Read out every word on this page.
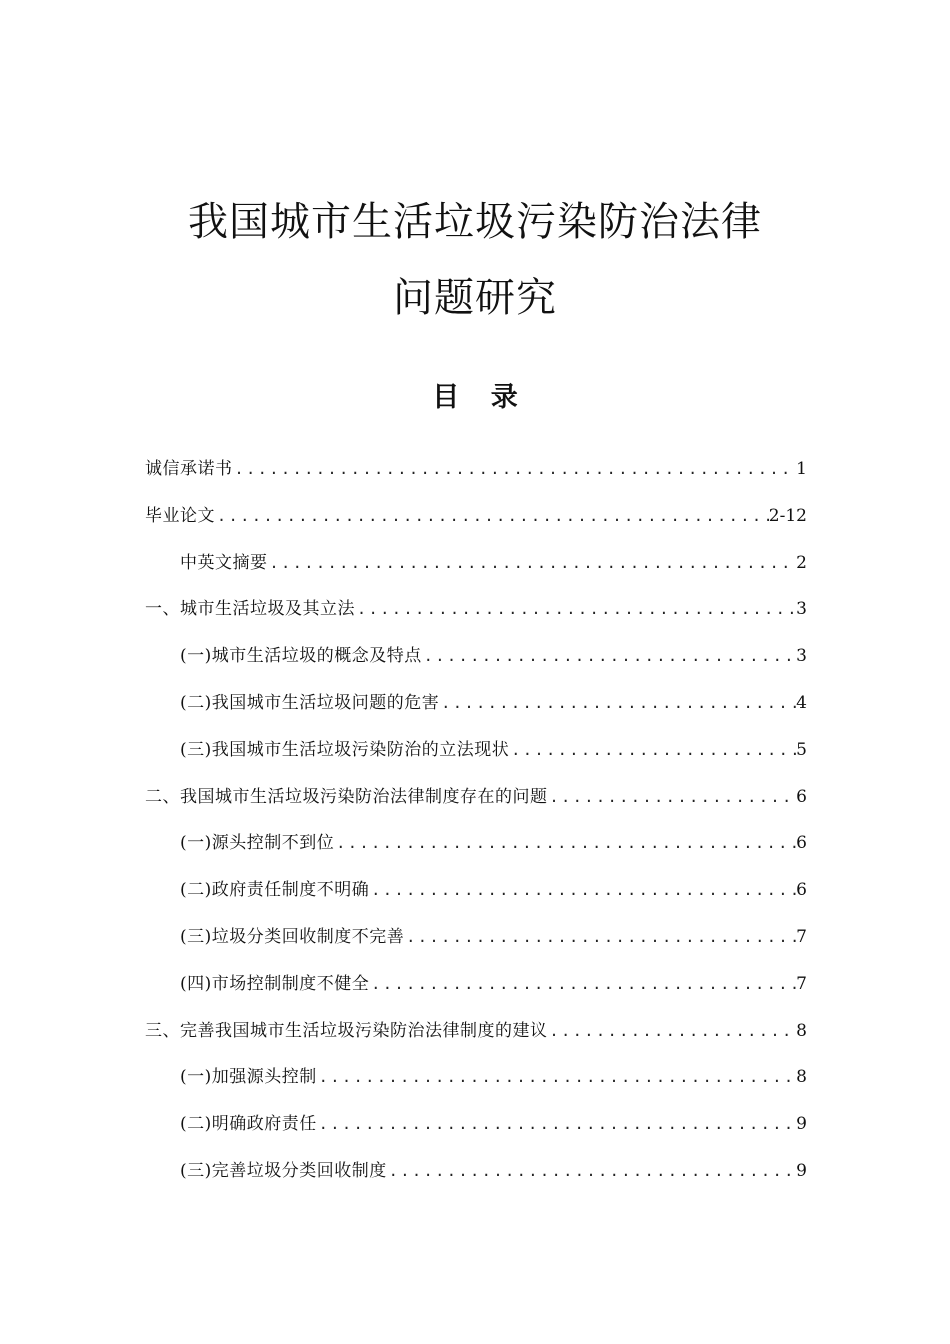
我国城市生活垃圾污染防治法律
问题研究
目 录
诚信承诺书 .....	1
毕业论文 .....	2-12
中英文摘要 .....	2
一、城市生活垃圾及其立法 .....	3
(一)城市生活垃圾的概念及特点 .....	3
(二)我国城市生活垃圾问题的危害 .....	4
(三)我国城市生活垃圾污染防治的立法现状 .....	5
二、我国城市生活垃圾污染防治法律制度存在的问题 .....	6
(一)源头控制不到位 .....	6
(二)政府责任制度不明确 .....	6
(三)垃圾分类回收制度不完善 .....	7
(四)市场控制制度不健全 .....	7
三、完善我国城市生活垃圾污染防治法律制度的建议 .....	8
(一)加强源头控制 .....	8
(二)明确政府责任 .....	9
(三)完善垃圾分类回收制度 .....	9
